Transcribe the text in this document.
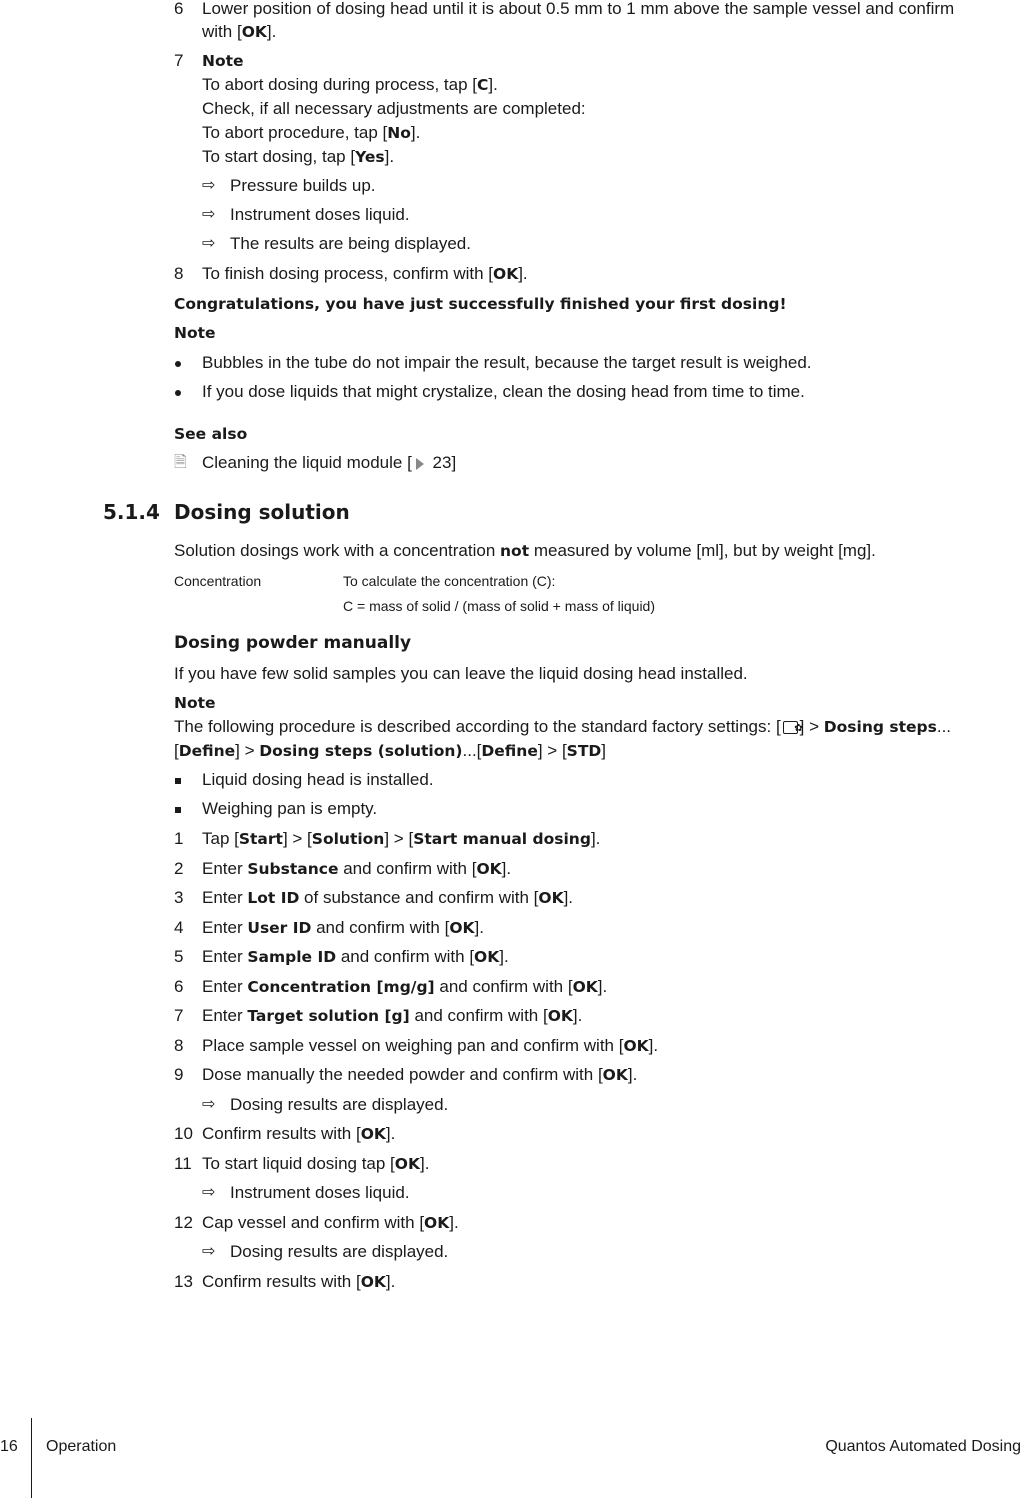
6 Lower position of dosing head until it is about 0.5 mm to 1 mm above the sample vessel and confirm
with [OK].
7 Note
To abort dosing during process, tap [C].
Check, if all necessary adjustments are completed:
To abort procedure, tap [No].
To start dosing, tap [Yes].
⇨ Pressure builds up.
⇨ Instrument doses liquid.
⇨ The results are being displayed.
8 To finish dosing process, confirm with [OK].
Congratulations, you have just successfully finished your first dosing!
Note
Bubbles in the tube do not impair the result, because the target result is weighed.
If you dose liquids that might crystalize, clean the dosing head from time to time.
See also
🗎 Cleaning the liquid module [ 23]
5.1.4 Dosing solution
Solution dosings work with a concentration not measured by volume [ml], but by weight [mg].
Concentration	To calculate the concentration (C):
C = mass of solid / (mass of solid + mass of liquid)
Dosing powder manually
If you have few solid samples you can leave the liquid dosing head installed.
Note
The following procedure is described according to the standard factory settings: [✿ ] > Dosing steps...
[Define] > Dosing steps (solution)...[Define] > [STD]
Liquid dosing head is installed.
Weighing pan is empty.
1 Tap [Start] > [Solution] > [Start manual dosing].
2 Enter Substance and confirm with [OK].
3 Enter Lot ID of substance and confirm with [OK].
4 Enter User ID and confirm with [OK].
5 Enter Sample ID and confirm with [OK].
6 Enter Concentration [mg/g] and confirm with [OK].
7 Enter Target solution [g] and confirm with [OK].
8 Place sample vessel on weighing pan and confirm with [OK].
9 Dose manually the needed powder and confirm with [OK].
⇨ Dosing results are displayed.
10 Confirm results with [OK].
11 To start liquid dosing tap [OK].
⇨ Instrument doses liquid.
12 Cap vessel and confirm with [OK].
⇨ Dosing results are displayed.
13 Confirm results with [OK].
16 Operation	Quantos Automated Dosing
